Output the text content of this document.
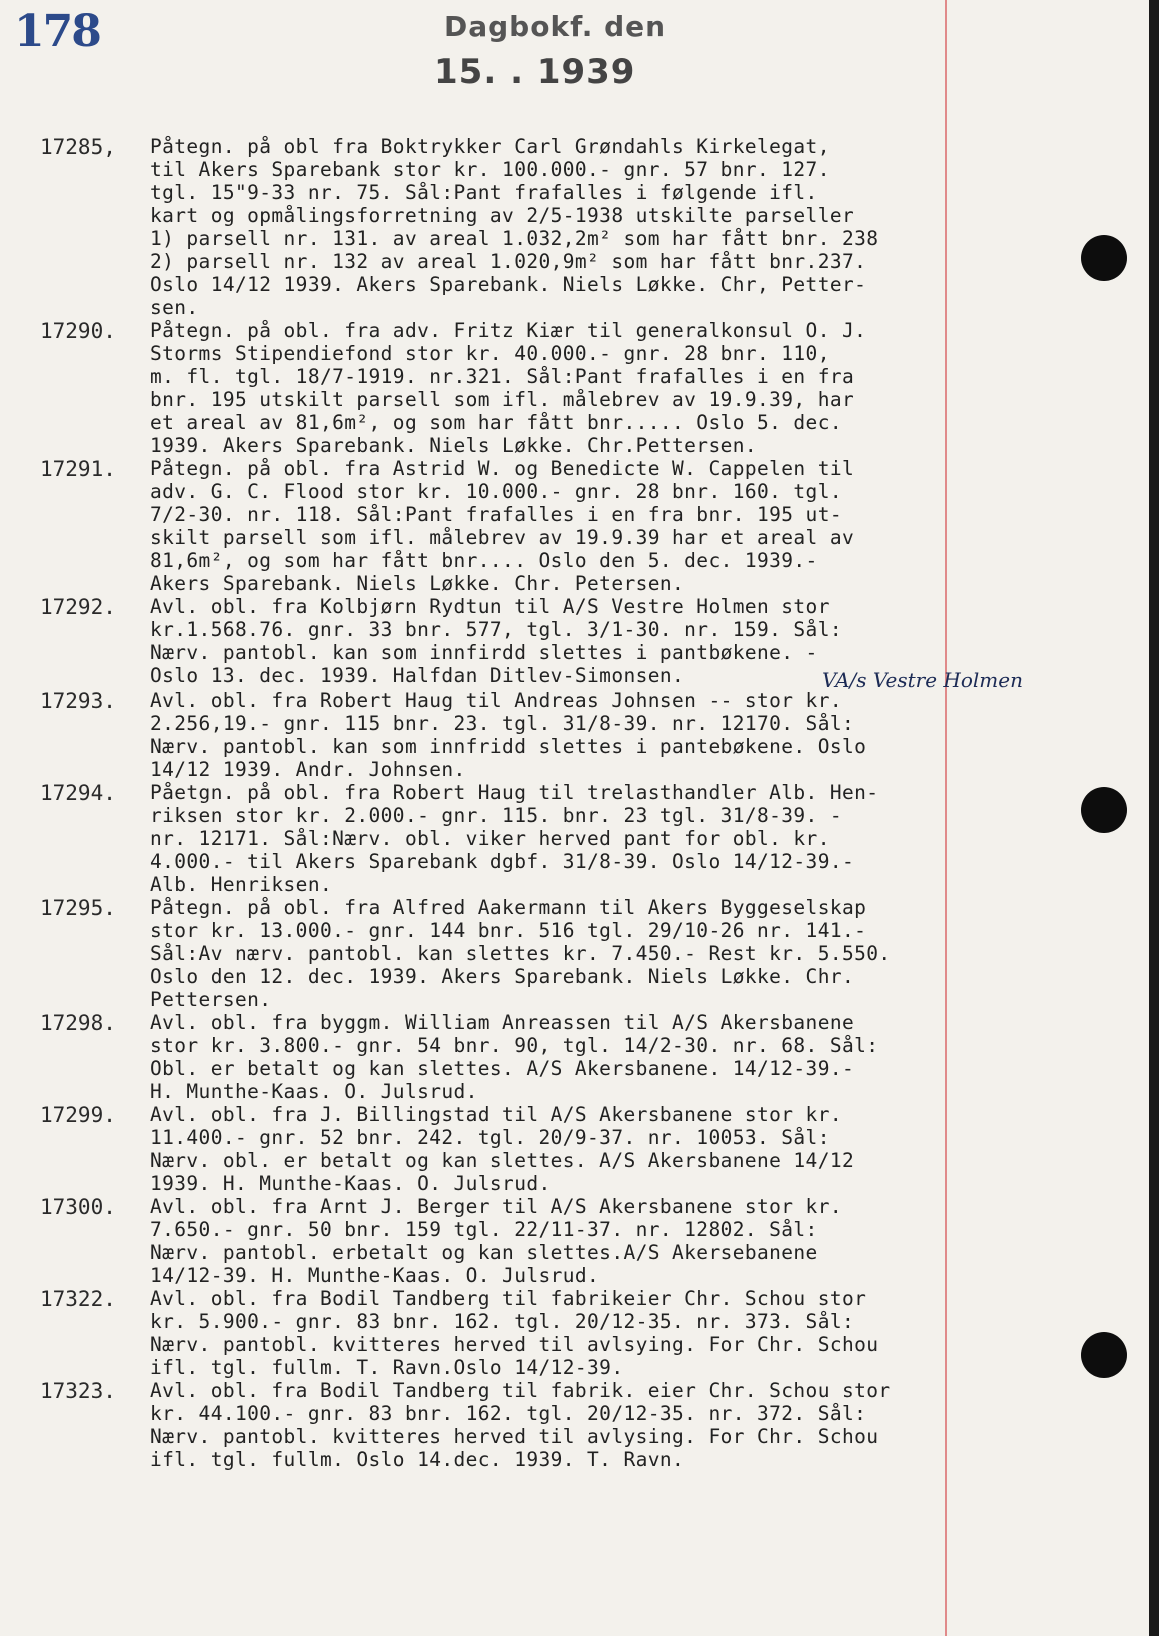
178	Dagbokf. den
15. . 1939
17285, Påtegn. på obl fra Boktrykker Carl Grøndahls Kirkelegat,
til Akers Sparebank stor kr. 100.000.- gnr. 57 bnr. 127.
tgl. 15"9-33 nr. 75. Sål:Pant frafalles i følgende ifl.
kart og opmålingsforretning av 2/5-1938 utskilte parseller
1) parsell nr. 131. av areal 1.032,2m² som har fått bnr. 238
2) parsell nr. 132 av areal 1.020,9m² som har fått bnr.237.
Oslo 14/12 1939. Akers Sparebank. Niels Løkke. Chr, Petter-
sen.
17290. Påtegn. på obl. fra adv. Fritz Kiær til generalkonsul O. J.
Storms Stipendiefond stor kr. 40.000.- gnr. 28 bnr. 110,
m. fl. tgl. 18/7-1919. nr.321. Sål:Pant frafalles i en fra
bnr. 195 utskilt parsell som ifl. målebrev av 19.9.39, har
et areal av 81,6m², og som har fått bnr..... Oslo 5. dec.
1939. Akers Sparebank. Niels Løkke. Chr.Pettersen.
17291. Påtegn. på obl. fra Astrid W. og Benedicte W. Cappelen til
adv. G. C. Flood stor kr. 10.000.- gnr. 28 bnr. 160. tgl.
7/2-30. nr. 118. Sål:Pant frafalles i en fra bnr. 195 ut-
skilt parsell som ifl. målebrev av 19.9.39 har et areal av
81,6m², og som har fått bnr.... Oslo den 5. dec. 1939.-
Akers Sparebank. Niels Løkke. Chr. Petersen.
17292. Avl. obl. fra Kolbjørn Rydtun til A/S Vestre Holmen stor
kr.1.568.76. gnr. 33 bnr. 577, tgl. 3/1-30. nr. 159. Sål:
Nærv. pantobl. kan som innfirdd slettes i pantbøkene. -
Oslo 13. dec. 1939. Halfdan Ditlev-Simonsen.
17293. Avl. obl. fra Robert Haug til Andreas Johnsen -- stor kr.
2.256,19.- gnr. 115 bnr. 23. tgl. 31/8-39. nr. 12170. Sål:
Nærv. pantobl. kan som innfridd slettes i pantebøkene. Oslo
14/12 1939. Andr. Johnsen.
17294. Påetgn. på obl. fra Robert Haug til trelasthandler Alb. Hen-
riksen stor kr. 2.000.- gnr. 115. bnr. 23 tgl. 31/8-39. -
nr. 12171. Sål:Nærv. obl. viker herved pant for obl. kr.
4.000.- til Akers Sparebank dgbf. 31/8-39. Oslo 14/12-39.-
Alb. Henriksen.
17295. Påtegn. på obl. fra Alfred Aakermann til Akers Byggeselskap
stor kr. 13.000.- gnr. 144 bnr. 516 tgl. 29/10-26 nr. 141.-
Sål:Av nærv. pantobl. kan slettes kr. 7.450.- Rest kr. 5.550.
Oslo den 12. dec. 1939. Akers Sparebank. Niels Løkke. Chr.
Pettersen.
17298. Avl. obl. fra byggm. William Anreassen til A/S Akersbanene
stor kr. 3.800.- gnr. 54 bnr. 90, tgl. 14/2-30. nr. 68. Sål:
Obl. er betalt og kan slettes. A/S Akersbanene. 14/12-39.-
H. Munthe-Kaas. O. Julsrud.
17299. Avl. obl. fra J. Billingstad til A/S Akersbanene stor kr.
11.400.- gnr. 52 bnr. 242. tgl. 20/9-37. nr. 10053. Sål:
Nærv. obl. er betalt og kan slettes. A/S Akersbanene 14/12
1939. H. Munthe-Kaas. O. Julsrud.
17300. Avl. obl. fra Arnt J. Berger til A/S Akersbanene stor kr.
7.650.- gnr. 50 bnr. 159 tgl. 22/11-37. nr. 12802. Sål:
Nærv. pantobl. erbetalt og kan slettes.A/S Akersebanene
14/12-39. H. Munthe-Kaas. O. Julsrud.
17322. Avl. obl. fra Bodil Tandberg til fabrikeier Chr. Schou stor
kr. 5.900.- gnr. 83 bnr. 162. tgl. 20/12-35. nr. 373. Sål:
Nærv. pantobl. kvitteres herved til avlsying. For Chr. Schou
ifl. tgl. fullm. T. Ravn.Oslo 14/12-39.
17323. Avl. obl. fra Bodil Tandberg til fabrik. eier Chr. Schou stor
kr. 44.100.- gnr. 83 bnr. 162. tgl. 20/12-35. nr. 372. Sål:
Nærv. pantobl. kvitteres herved til avlysing. For Chr. Schou
ifl. tgl. fullm. Oslo 14.dec. 1939. T. Ravn.
VA/s Vestre Holmen
